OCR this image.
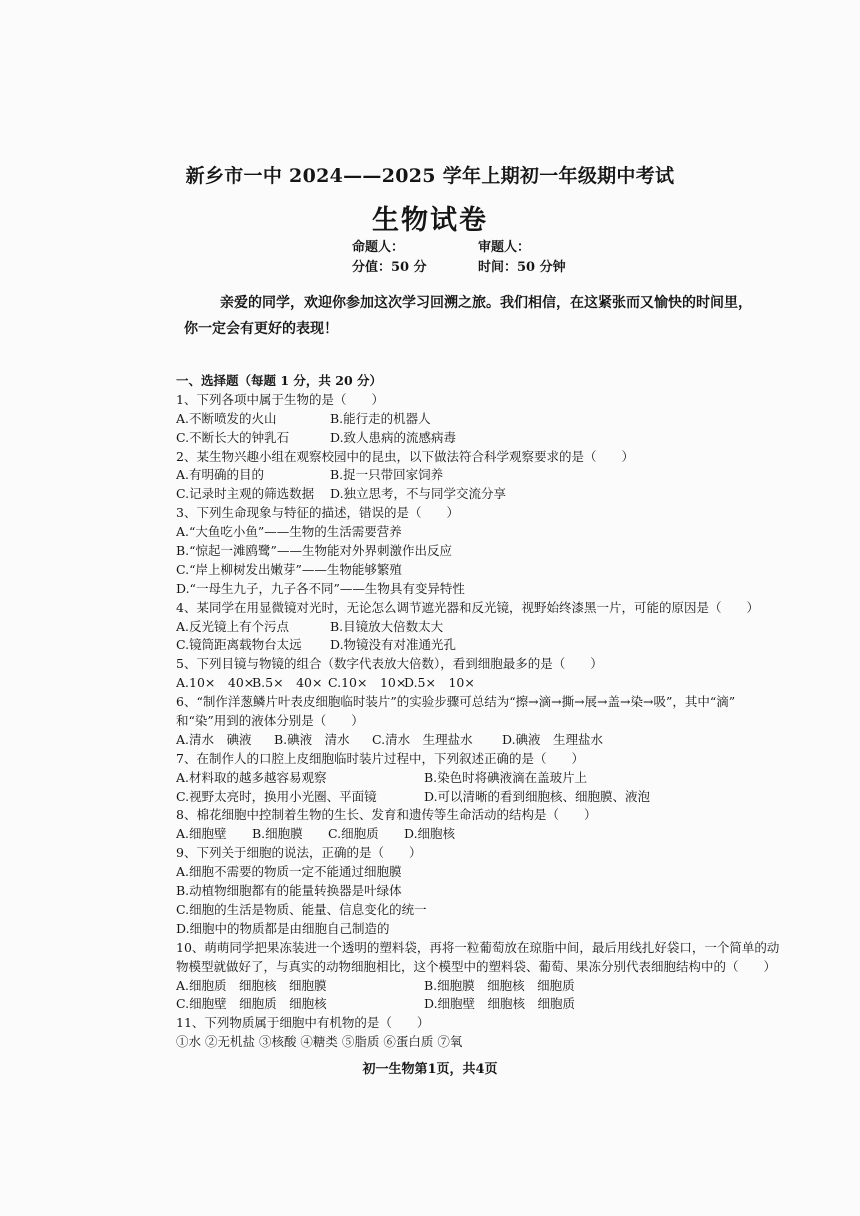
新乡市一中 2024——2025 学年上期初一年级期中考试
生物试卷
命题人：	审题人：
分值：50 分	时间：50 分钟
亲爱的同学，欢迎你参加这次学习回溯之旅。我们相信，在这紧张而又愉快的时间里，
你一定会有更好的表现！
一、选择题（每题 1 分，共 20 分）
1、下列各项中属于生物的是（　　）
A.不断喷发的火山	B.能行走的机器人
C.不断长大的钟乳石	D.致人患病的流感病毒
2、某生物兴趣小组在观察校园中的昆虫，以下做法符合科学观察要求的是（　　）
A.有明确的目的	B.捉一只带回家饲养
C.记录时主观的筛选数据	D.独立思考，不与同学交流分享
3、下列生命现象与特征的描述，错误的是（　　）
A.“大鱼吃小鱼”——生物的生活需要营养
B.“惊起一滩鸥鹭”——生物能对外界刺激作出反应
C.“岸上柳树发出嫩芽”——生物能够繁殖
D.“一母生九子，九子各不同”——生物具有变异特性
4、某同学在用显微镜对光时，无论怎么调节遮光器和反光镜，视野始终漆黑一片，可能的原因是（　　）
A.反光镜上有个污点	B.目镜放大倍数太大
C.镜筒距离载物台太远	D.物镜没有对准通光孔
5、下列目镜与物镜的组合（数字代表放大倍数），看到细胞最多的是（　　）
A.10×　40×
B.5×　40× C.10×　10×
D.5×　10×
6、“制作洋葱鳞片叶表皮细胞临时装片”的实验步骤可总结为“擦→滴→撕→展→盖→染→吸”，其中“滴”
和“染”用到的液体分别是（　　）
A.清水　碘液	B.碘液　清水	C.清水　生理盐水	D.碘液　生理盐水
7、在制作人的口腔上皮细胞临时装片过程中，下列叙述正确的是（　　）
A.材料取的越多越容易观察	B.染色时将碘液滴在盖玻片上
C.视野太亮时，换用小光圈、平面镜	D.可以清晰的看到细胞核、细胞膜、液泡
8、棉花细胞中控制着生物的生长、发育和遗传等生命活动的结构是（　　）
A.细胞壁	B.细胞膜	C.细胞质	D.细胞核
9、下列关于细胞的说法，正确的是（　　）
A.细胞不需要的物质一定不能通过细胞膜
B.动植物细胞都有的能量转换器是叶绿体
C.细胞的生活是物质、能量、信息变化的统一
D.细胞中的物质都是由细胞自己制造的
10、萌萌同学把果冻装进一个透明的塑料袋，再将一粒葡萄放在琼脂中间，最后用线扎好袋口，一个简单的动
物模型就做好了，与真实的动物细胞相比，这个模型中的塑料袋、葡萄、果冻分别代表细胞结构中的（　　）
A.细胞质　细胞核　细胞膜	B.细胞膜　细胞核　细胞质
C.细胞壁　细胞质　细胞核	D.细胞壁　细胞核　细胞质
11、下列物质属于细胞中有机物的是（　　）
①水 ②无机盐 ③核酸 ④糖类 ⑤脂质 ⑥蛋白质 ⑦氧
初一生物第1页，共4页
